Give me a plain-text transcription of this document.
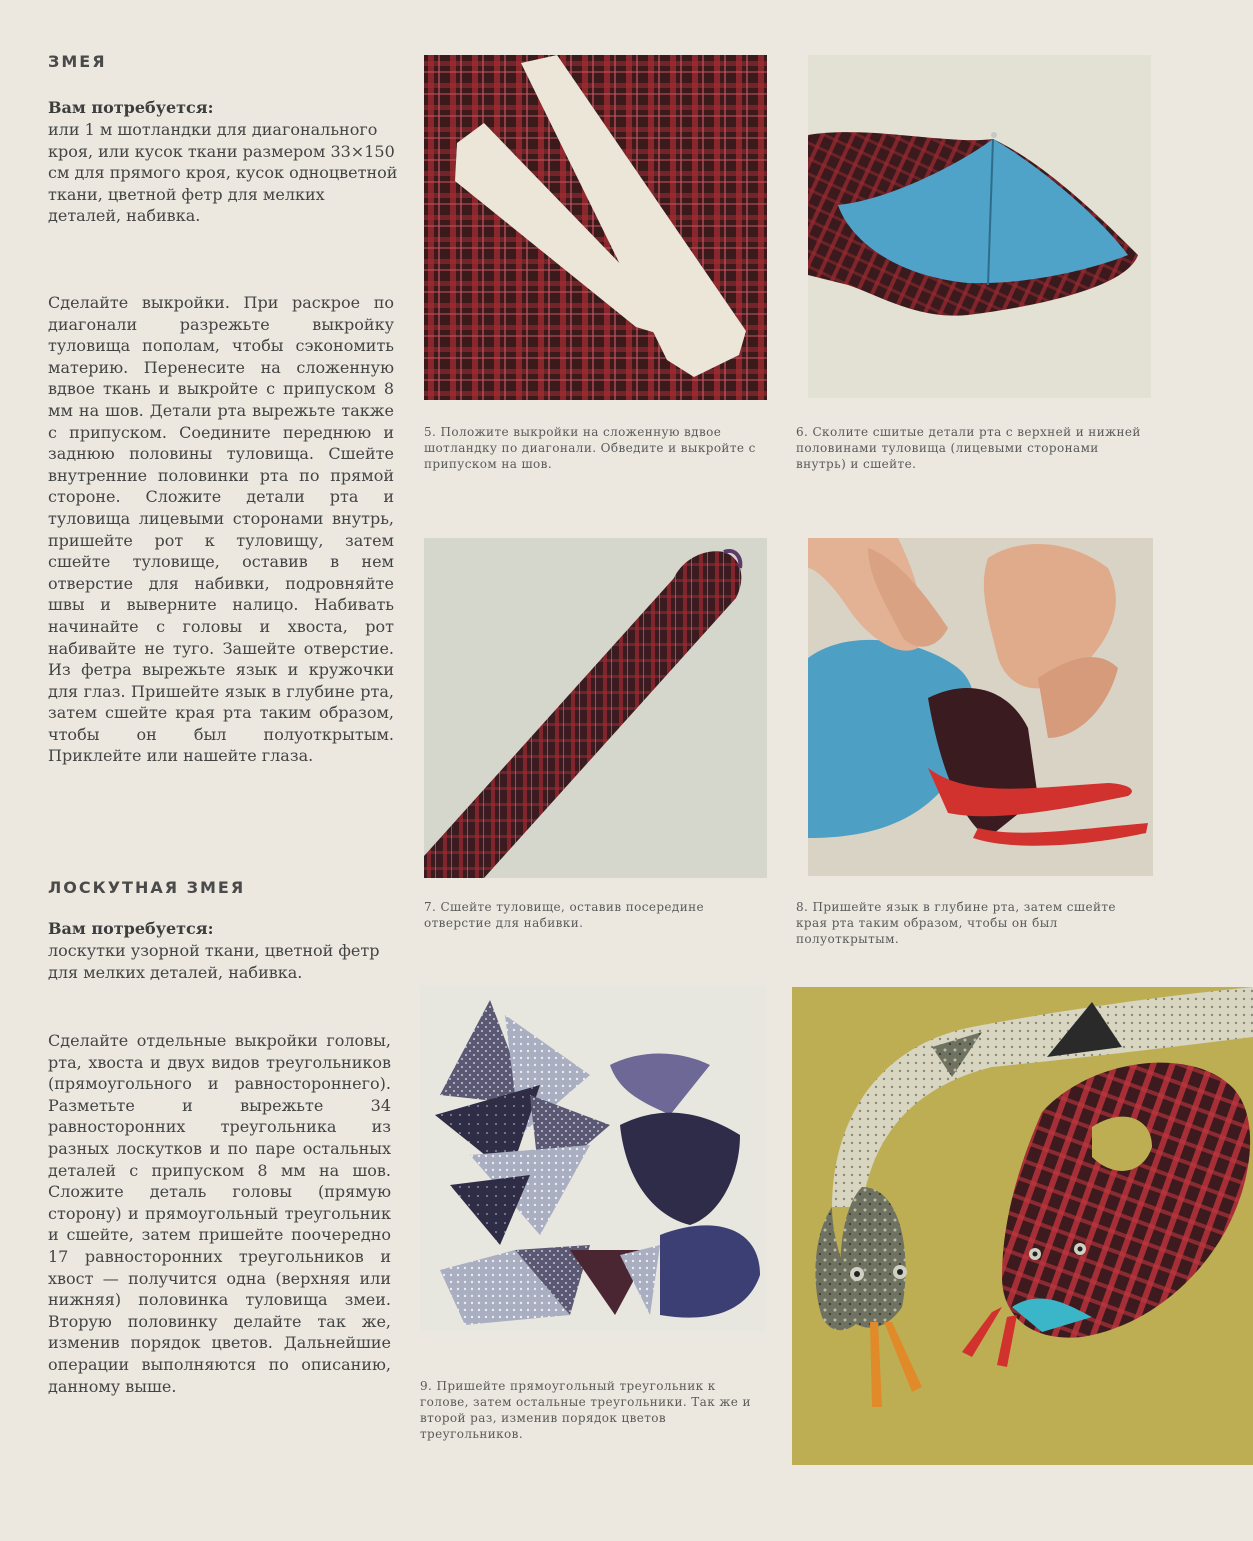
ЗМЕЯ
Вам потребуется:

или 1 м шотландки для диагонального кроя, или кусок ткани размером 33×150 см для прямого кроя, кусок одноцветной ткани, цветной фетр для мелких деталей, набивка.

Сделайте выкройки. При раскрое по диагонали разрежьте выкройку туловища пополам, чтобы сэкономить материю. Перенесите на сложенную вдвое ткань и выкройте с припуском 8 мм на шов. Детали рта вырежьте также с припуском. Соедините переднюю и заднюю половины туловища. Сшейте внутренние половинки рта по прямой стороне. Сложите детали рта и туловища лицевыми сторонами внутрь, пришейте рот к туловищу, затем сшейте туловище, оставив в нем отверстие для набивки, подровняйте швы и выверните налицо. Набивать начинайте с головы и хвоста, рот набивайте не туго. Зашейте отверстие. Из фетра вырежьте язык и кружочки для глаз. Пришейте язык в глубине рта, затем сшейте края рта таким образом, чтобы он был полуоткрытым. Приклейте или нашейте глаза.

ЛОСКУТНАЯ ЗМЕЯ
Вам потребуется:

лоскутки узорной ткани, цветной фетр для мелких деталей, набивка.

Сделайте отдельные выкройки головы, рта, хвоста и двух видов треугольников (прямоугольного и равностороннего). Разметьте и вырежьте 34 равносторонних треугольника из разных лоскутков и по паре остальных деталей с припуском 8 мм на шов. Сложите деталь головы (прямую сторону) и прямоугольный треугольник и сшейте, затем пришейте поочередно 17 равносторонних треугольников и хвост — получится одна (верхняя или нижняя) половинка туловища змеи. Вторую половинку делайте так же, изменив порядок цветов. Дальнейшие операции выполняются по описанию, данному выше.

5. Положите выкройки на сложенную вдвое шотландку по диагонали. Обведите и выкройте с припуском на шов.

6. Сколите сшитые детали рта с верхней и нижней половинами туловища (лицевыми сторонами внутрь) и сшейте.

7. Сшейте туловище, оставив посередине отверстие для набивки.

8. Пришейте язык в глубине рта, затем сшейте края рта таким образом, чтобы он был полуоткрытым.

9. Пришейте прямоугольный треугольник к голове, затем остальные треугольники. Так же и второй раз, изменив порядок цветов треугольников.
